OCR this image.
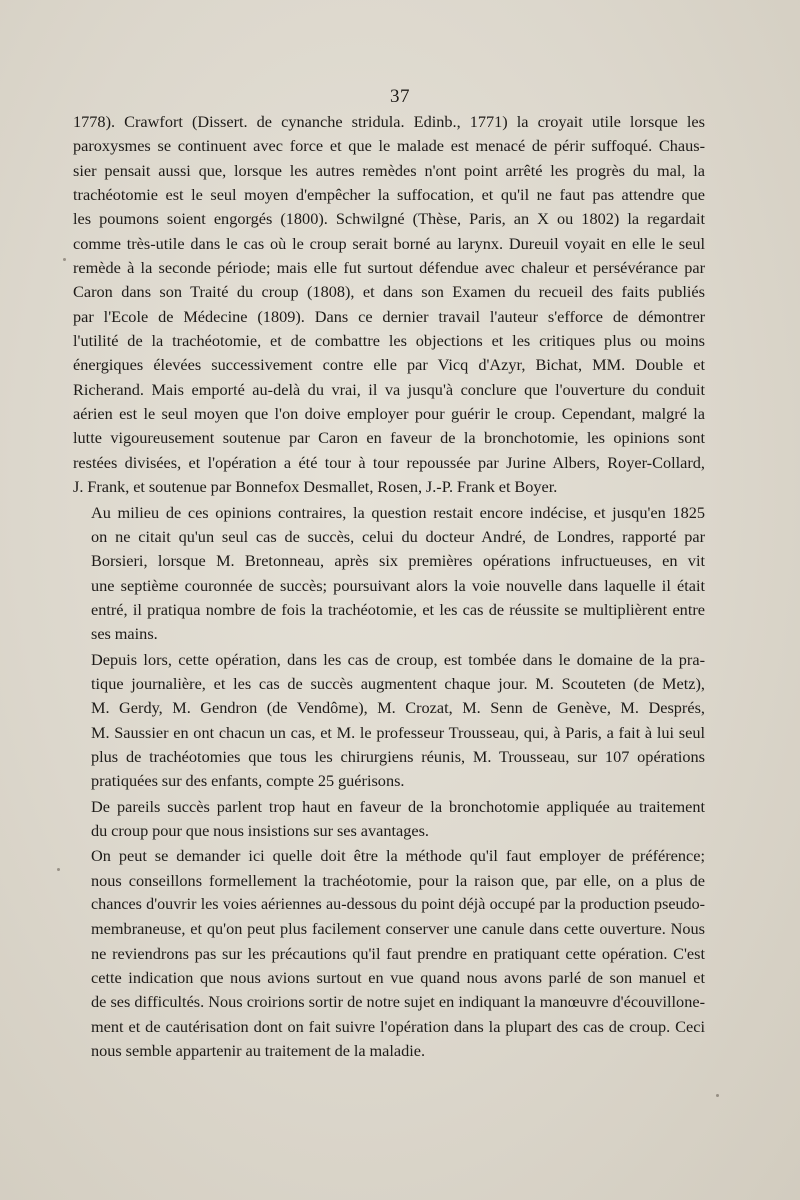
37

1778). Crawfort (Dissert. de cynanche stridula. Edinb., 1771) la croyait utile lorsque les
paroxysmes se continuent avec force et que le malade est menacé de périr suffoqué. Chaus-
sier pensait aussi que, lorsque les autres remèdes n'ont point arrêté les progrès du mal, la
trachéotomie est le seul moyen d'empêcher la suffocation, et qu'il ne faut pas attendre que
les poumons soient engorgés (1800). Schwilgné (Thèse, Paris, an X ou 1802) la regardait
comme très-utile dans le cas où le croup serait borné au larynx. Dureuil voyait en elle le seul
remède à la seconde période; mais elle fut surtout défendue avec chaleur et persévérance par
Caron dans son Traité du croup (1808), et dans son Examen du recueil des faits publiés
par l'Ecole de Médecine (1809). Dans ce dernier travail l'auteur s'efforce de démontrer
l'utilité de la trachéotomie, et de combattre les objections et les critiques plus ou moins
énergiques élevées successivement contre elle par Vicq d'Azyr, Bichat, MM. Double et
Richerand. Mais emporté au-delà du vrai, il va jusqu'à conclure que l'ouverture du conduit
aérien est le seul moyen que l'on doive employer pour guérir le croup. Cependant, malgré la
lutte vigoureusement soutenue par Caron en faveur de la bronchotomie, les opinions sont
restées divisées, et l'opération a été tour à tour repoussée par Jurine Albers, Royer-Collard,
J. Frank, et soutenue par Bonnefox Desmallet, Rosen, J.-P. Frank et Boyer.

Au milieu de ces opinions contraires, la question restait encore indécise, et jusqu'en 1825
on ne citait qu'un seul cas de succès, celui du docteur André, de Londres, rapporté par
Borsieri, lorsque M. Bretonneau, après six premières opérations infructueuses, en vit
une septième couronnée de succès; poursuivant alors la voie nouvelle dans laquelle il était
entré, il pratiqua nombre de fois la trachéotomie, et les cas de réussite se multiplièrent entre
ses mains.

Depuis lors, cette opération, dans les cas de croup, est tombée dans le domaine de la pra-
tique journalière, et les cas de succès augmentent chaque jour. M. Scouteten (de Metz),
M. Gerdy, M. Gendron (de Vendôme), M. Crozat, M. Senn de Genève, M. Després,
M. Saussier en ont chacun un cas, et M. le professeur Trousseau, qui, à Paris, a fait à lui seul
plus de trachéotomies que tous les chirurgiens réunis, M. Trousseau, sur 107 opérations
pratiquées sur des enfants, compte 25 guérisons.

De pareils succès parlent trop haut en faveur de la bronchotomie appliquée au traitement
du croup pour que nous insistions sur ses avantages.

On peut se demander ici quelle doit être la méthode qu'il faut employer de préférence;
nous conseillons formellement la trachéotomie, pour la raison que, par elle, on a plus de
chances d'ouvrir les voies aériennes au-dessous du point déjà occupé par la production pseudo-
membraneuse, et qu'on peut plus facilement conserver une canule dans cette ouverture. Nous
ne reviendrons pas sur les précautions qu'il faut prendre en pratiquant cette opération. C'est
cette indication que nous avions surtout en vue quand nous avons parlé de son manuel et
de ses difficultés. Nous croirions sortir de notre sujet en indiquant la manœuvre d'écouvillone-
ment et de cautérisation dont on fait suivre l'opération dans la plupart des cas de croup. Ceci
nous semble appartenir au traitement de la maladie.
